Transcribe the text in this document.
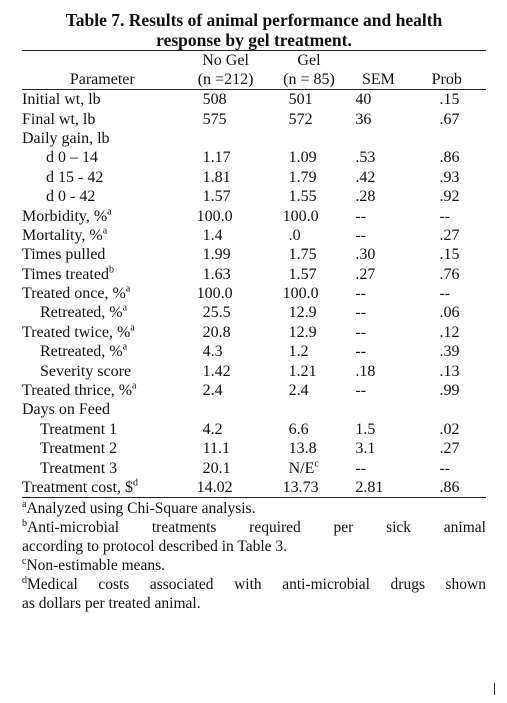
Table 7. Results of animal performance and health
response by gel treatment.
	No Gel	Gel		
Parameter	(n =212)	(n = 85)	SEM	Prob
Initial wt, lb	508	501	40	.15
Final wt, lb	575	572	36	.67
Daily gain, lb				
d 0 – 14	1.17	1.09	.53	.86
d 15 - 42	1.81	1.79	.42	.93
d 0 - 42	1.57	1.55	.28	.92
Morbidity, %$^a$	100.0	100.0	--	--
Mortality, %$^a$	1.4	.0	--	.27
Times pulled	1.99	1.75	.30	.15
Times treated$^b$	1.63	1.57	.27	.76
Treated once, %$^a$	100.0	100.0	--	--
Retreated, %$^a$	25.5	12.9	--	.06
Treated twice, %$^a$	20.8	12.9	--	.12
Retreated, %$^a$	4.3	1.2	--	.39
Severity score	1.42	1.21	.18	.13
Treated thrice, %$^a$	2.4	2.4	--	.99
Days on Feed				
Treatment 1	4.2	6.6	1.5	.02
Treatment 2	11.1	13.8	3.1	.27
Treatment 3	20.1	$N/E^c$	--	--
Treatment cost, \$$^d$	14.02	13.73	2.81	.86

$^a$Analyzed using Chi-Square analysis.

$^b$Anti-microbial treatments required per sick animal
according to protocol described in Table 3.

$^c$Non-estimable means.

$^d$Medical costs associated with anti-microbial drugs shown
as dollars per treated animal.
